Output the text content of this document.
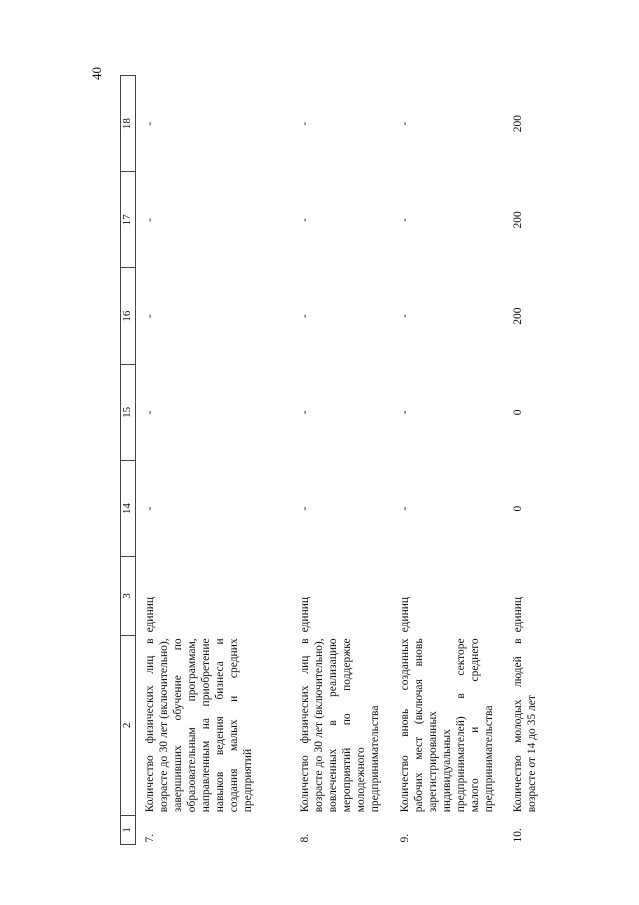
40
1	2	3	14	15	16	17	18
7.	Количество физических лиц в возрасте до 30 лет (включительно), завершивших обучение по образовательным программам, направленным на приобретение навыков ведения бизнеса и создания малых и средних предприятий	единиц	-	-	-	-	-
8.	Количество физических лиц в возрасте до 30 лет (включительно), вовлеченных в реализацию мероприятий по поддержке молодежного предпринимательства	единиц	-	-	-	-	-
9.	Количество вновь созданных рабочих мест (включая вновь зарегистрированных индивидуальных предпринимателей) в секторе малого и среднего предпринимательства	единиц	-	-	-	-	-
10.	Количество молодых людей в возрасте от 14 до 35 лет	единиц	0	0	200	200	200
